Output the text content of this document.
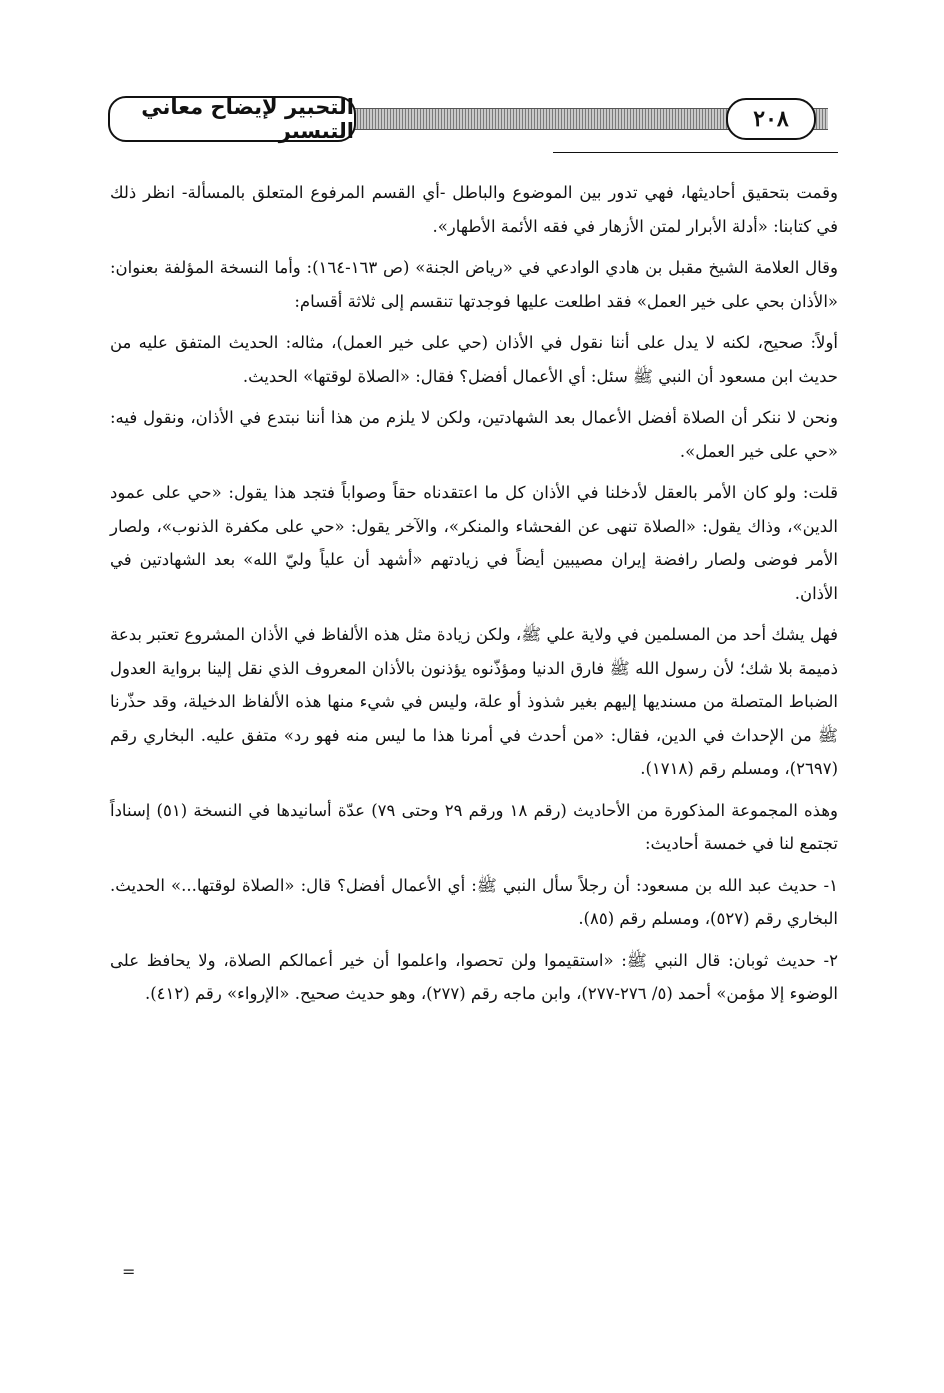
التحبير لإيضاح معاني التيسير	٢٠٨

وقمت بتحقيق أحاديثها، فهي تدور بين الموضوع والباطل -أي القسم المرفوع المتعلق بالمسألة- انظر ذلك في كتابنا: «أدلة الأبرار لمتن الأزهار في فقه الأئمة الأطهار».

وقال العلامة الشيخ مقبل بن هادي الوادعي في «رياض الجنة» (ص ١٦٣-١٦٤): وأما النسخة المؤلفة بعنوان: «الأذان بحي على خير العمل» فقد اطلعت عليها فوجدتها تنقسم إلى ثلاثة أقسام:

أولاً: صحيح، لكنه لا يدل على أننا نقول في الأذان (حي على خير العمل)، مثاله: الحديث المتفق عليه من حديث ابن مسعود أن النبي ﷺ سئل: أي الأعمال أفضل؟ فقال: «الصلاة لوقتها» الحديث.

ونحن لا ننكر أن الصلاة أفضل الأعمال بعد الشهادتين، ولكن لا يلزم من هذا أننا نبتدع في الأذان، ونقول فيه: «حي على خير العمل».

قلت: ولو كان الأمر بالعقل لأدخلنا في الأذان كل ما اعتقدناه حقاً وصواباً فتجد هذا يقول: «حي على عمود الدين»، وذاك يقول: «الصلاة تنهى عن الفحشاء والمنكر»، والآخر يقول: «حي على مكفرة الذنوب»، ولصار الأمر فوضى ولصار رافضة إيران مصيبين أيضاً في زيادتهم «أشهد أن علياً وليّ الله» بعد الشهادتين في الأذان.

فهل يشك أحد من المسلمين في ولاية علي ﷺ، ولكن زيادة مثل هذه الألفاظ في الأذان المشروع تعتبر بدعة ذميمة بلا شك؛ لأن رسول الله ﷺ فارق الدنيا ومؤذّنوه يؤذنون بالأذان المعروف الذي نقل إلينا برواية العدول الضباط المتصلة من مسنديها إليهم بغير شذوذ أو علة، وليس في شيء منها هذه الألفاظ الدخيلة، وقد حذّرنا ﷺ من الإحداث في الدين، فقال: «من أحدث في أمرنا هذا ما ليس منه فهو رد» متفق عليه. البخاري رقم (٢٦٩٧)، ومسلم رقم (١٧١٨).

وهذه المجموعة المذكورة من الأحاديث (رقم ١٨ ورقم ٢٩ وحتى ٧٩) عدّة أسانيدها في النسخة (٥١) إسناداً تجتمع لنا في خمسة أحاديث:

١- حديث عبد الله بن مسعود: أن رجلاً سأل النبي ﷺ: أي الأعمال أفضل؟ قال: «الصلاة لوقتها...» الحديث. البخاري رقم (٥٢٧)، ومسلم رقم (٨٥).

٢- حديث ثوبان: قال النبي ﷺ: «استقيموا ولن تحصوا، واعلموا أن خير أعمالكم الصلاة، ولا يحافظ على الوضوء إلا مؤمن» أحمد (٥/ ٢٧٦-٢٧٧)، وابن ماجه رقم (٢٧٧)، وهو حديث صحيح. «الإرواء» رقم (٤١٢).

=
